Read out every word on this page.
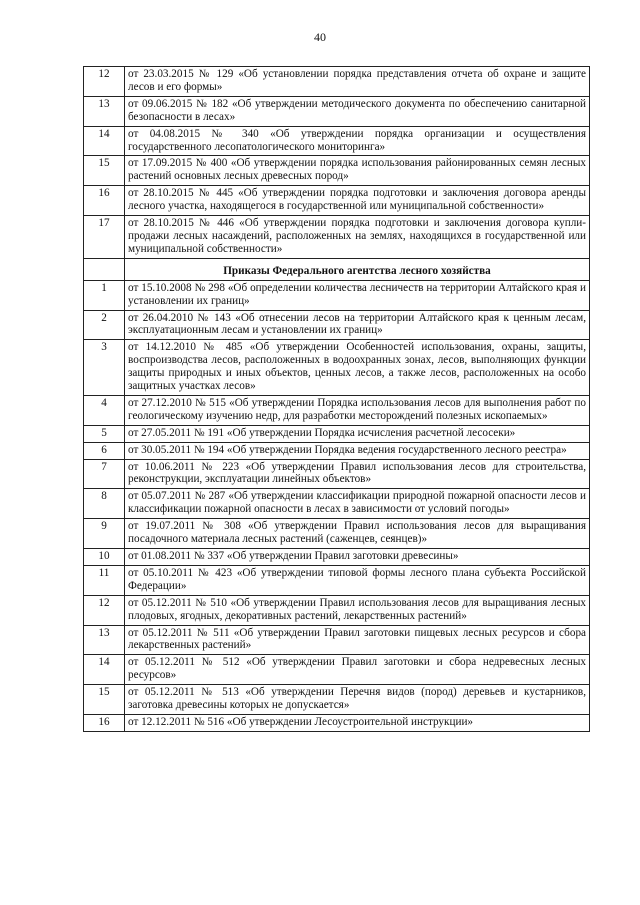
40
12	от 23.03.2015 № 129 «Об установлении порядка представления отчета об охране и защите лесов и его формы»
13	от 09.06.2015 № 182 «Об утверждении методического документа по обеспечению санитарной безопасности в лесах»
14	от 04.08.2015 № 340 «Об утверждении порядка организации и осуществления государственного лесопатологического мониторинга»
15	от 17.09.2015 № 400 «Об утверждении порядка использования районированных семян лесных растений основных лесных древесных пород»
16	от 28.10.2015 № 445 «Об утверждении порядка подготовки и заключения договора аренды лесного участка, находящегося в государственной или муниципальной собственности»
17	от 28.10.2015 № 446 «Об утверждении порядка подготовки и заключения договора купли-продажи лесных насаждений, расположенных на землях, находящихся в государственной или муниципальной собственности»
	Приказы Федерального агентства лесного хозяйства
1	от 15.10.2008 № 298 «Об определении количества лесничеств на территории Алтайского края и установлении их границ»
2	от 26.04.2010 № 143 «Об отнесении лесов на территории Алтайского края к ценным лесам, эксплуатационным лесам и установлении их границ»
3	от 14.12.2010 № 485 «Об утверждении Особенностей использования, охраны, защиты, воспроизводства лесов, расположенных в водоохранных зонах, лесов, выполняющих функции защиты природных и иных объектов, ценных лесов, а также лесов, расположенных на особо защитных участках лесов»
4	от 27.12.2010 № 515 «Об утверждении Порядка использования лесов для выполнения работ по геологическому изучению недр, для разработки месторождений полезных ископаемых»
5	от 27.05.2011 № 191 «Об утверждении Порядка исчисления расчетной лесосеки»
6	от 30.05.2011 № 194 «Об утверждении Порядка ведения государственного лесного реестра»
7	от 10.06.2011 № 223 «Об утверждении Правил использования лесов для строительства, реконструкции, эксплуатации линейных объектов»
8	от 05.07.2011 № 287 «Об утверждении классификации природной пожарной опасности лесов и классификации пожарной опасности в лесах в зависимости от условий погоды»
9	от 19.07.2011 № 308 «Об утверждении Правил использования лесов для выращивания посадочного материала лесных растений (саженцев, сеянцев)»
10	от 01.08.2011 № 337 «Об утверждении Правил заготовки древесины»
11	от 05.10.2011 № 423 «Об утверждении типовой формы лесного плана субъекта Российской Федерации»
12	от 05.12.2011 № 510 «Об утверждении Правил использования лесов для выращивания лесных плодовых, ягодных, декоративных растений, лекарственных растений»
13	от 05.12.2011 № 511 «Об утверждении Правил заготовки пищевых лесных ресурсов и сбора лекарственных растений»
14	от 05.12.2011 № 512 «Об утверждении Правил заготовки и сбора недревесных лесных ресурсов»
15	от 05.12.2011 № 513 «Об утверждении Перечня видов (пород) деревьев и кустарников, заготовка древесины которых не допускается»
16	от 12.12.2011 № 516 «Об утверждении Лесоустроительной инструкции»
